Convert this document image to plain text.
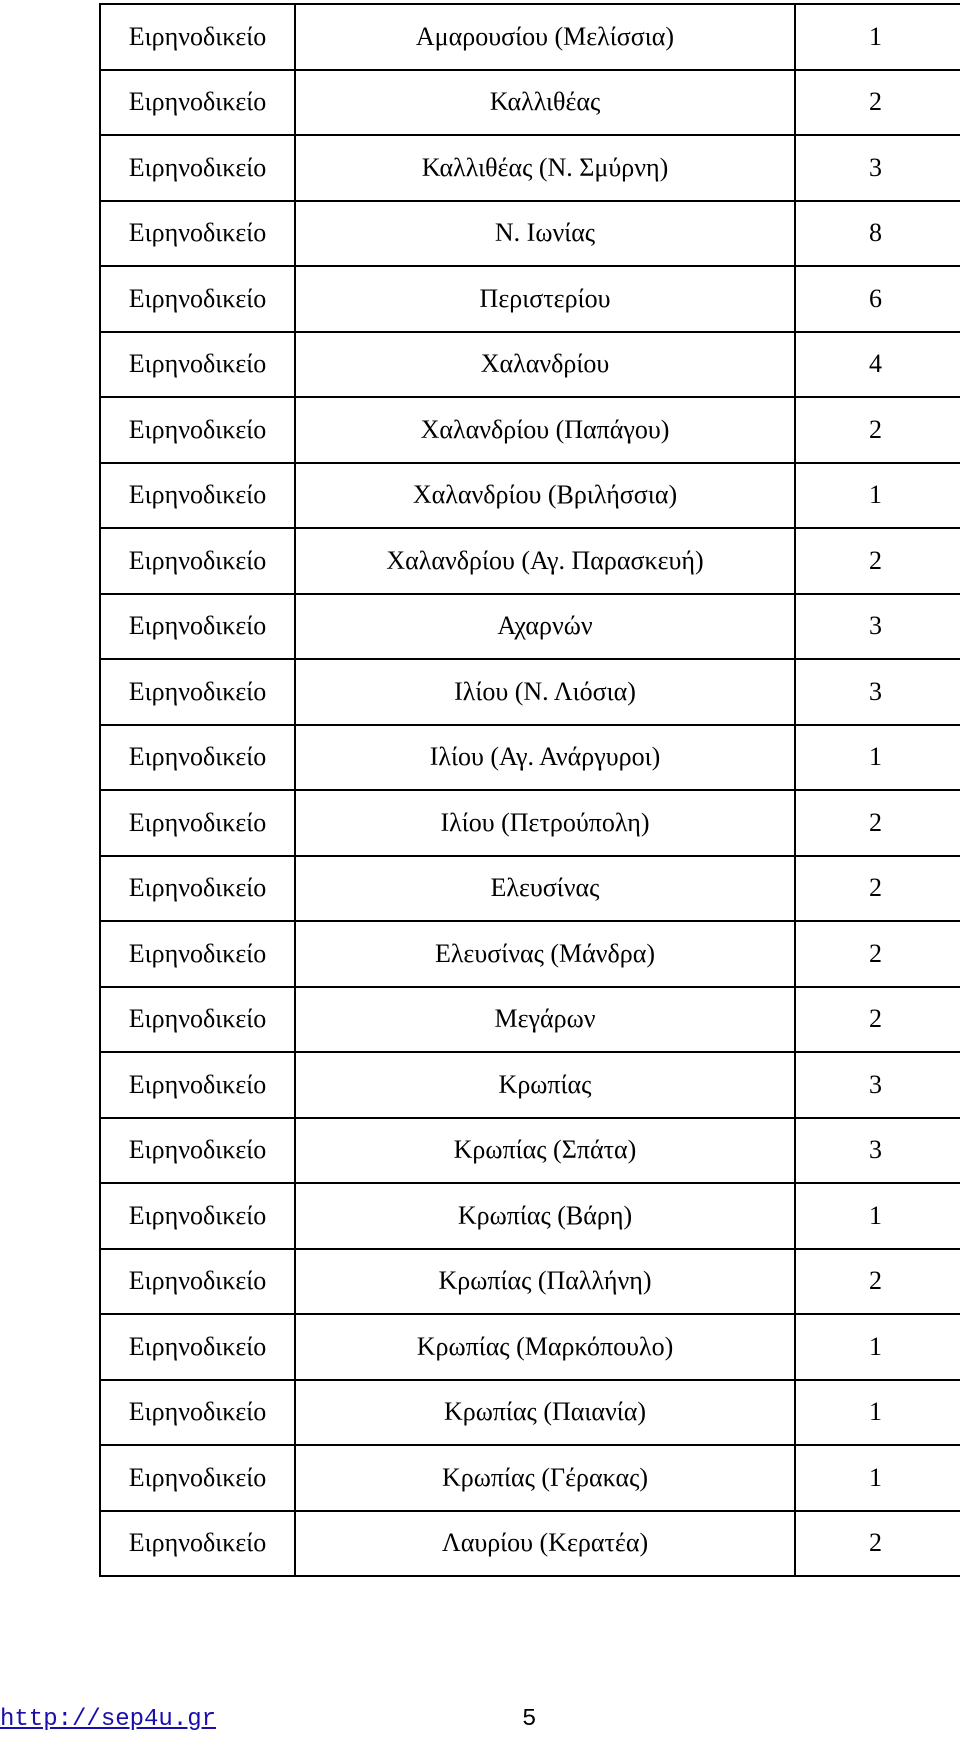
Ειρηνοδικείο	Αμαρουσίου (Μελίσσια)	1
Ειρηνοδικείο	Καλλιθέας	2
Ειρηνοδικείο	Καλλιθέας (Ν. Σμύρνη)	3
Ειρηνοδικείο	Ν. Ιωνίας	8
Ειρηνοδικείο	Περιστερίου	6
Ειρηνοδικείο	Χαλανδρίου	4
Ειρηνοδικείο	Χαλανδρίου (Παπάγου)	2
Ειρηνοδικείο	Χαλανδρίου (Βριλήσσια)	1
Ειρηνοδικείο	Χαλανδρίου (Αγ. Παρασκευή)	2
Ειρηνοδικείο	Αχαρνών	3
Ειρηνοδικείο	Ιλίου (Ν. Λιόσια)	3
Ειρηνοδικείο	Ιλίου (Αγ. Ανάργυροι)	1
Ειρηνοδικείο	Ιλίου (Πετρούπολη)	2
Ειρηνοδικείο	Ελευσίνας	2
Ειρηνοδικείο	Ελευσίνας (Μάνδρα)	2
Ειρηνοδικείο	Μεγάρων	2
Ειρηνοδικείο	Κρωπίας	3
Ειρηνοδικείο	Κρωπίας (Σπάτα)	3
Ειρηνοδικείο	Κρωπίας (Βάρη)	1
Ειρηνοδικείο	Κρωπίας (Παλλήνη)	2
Ειρηνοδικείο	Κρωπίας (Μαρκόπουλο)	1
Ειρηνοδικείο	Κρωπίας (Παιανία)	1
Ειρηνοδικείο	Κρωπίας (Γέρακας)	1
Ειρηνοδικείο	Λαυρίου (Κερατέα)	2
http://sep4u.gr	5
